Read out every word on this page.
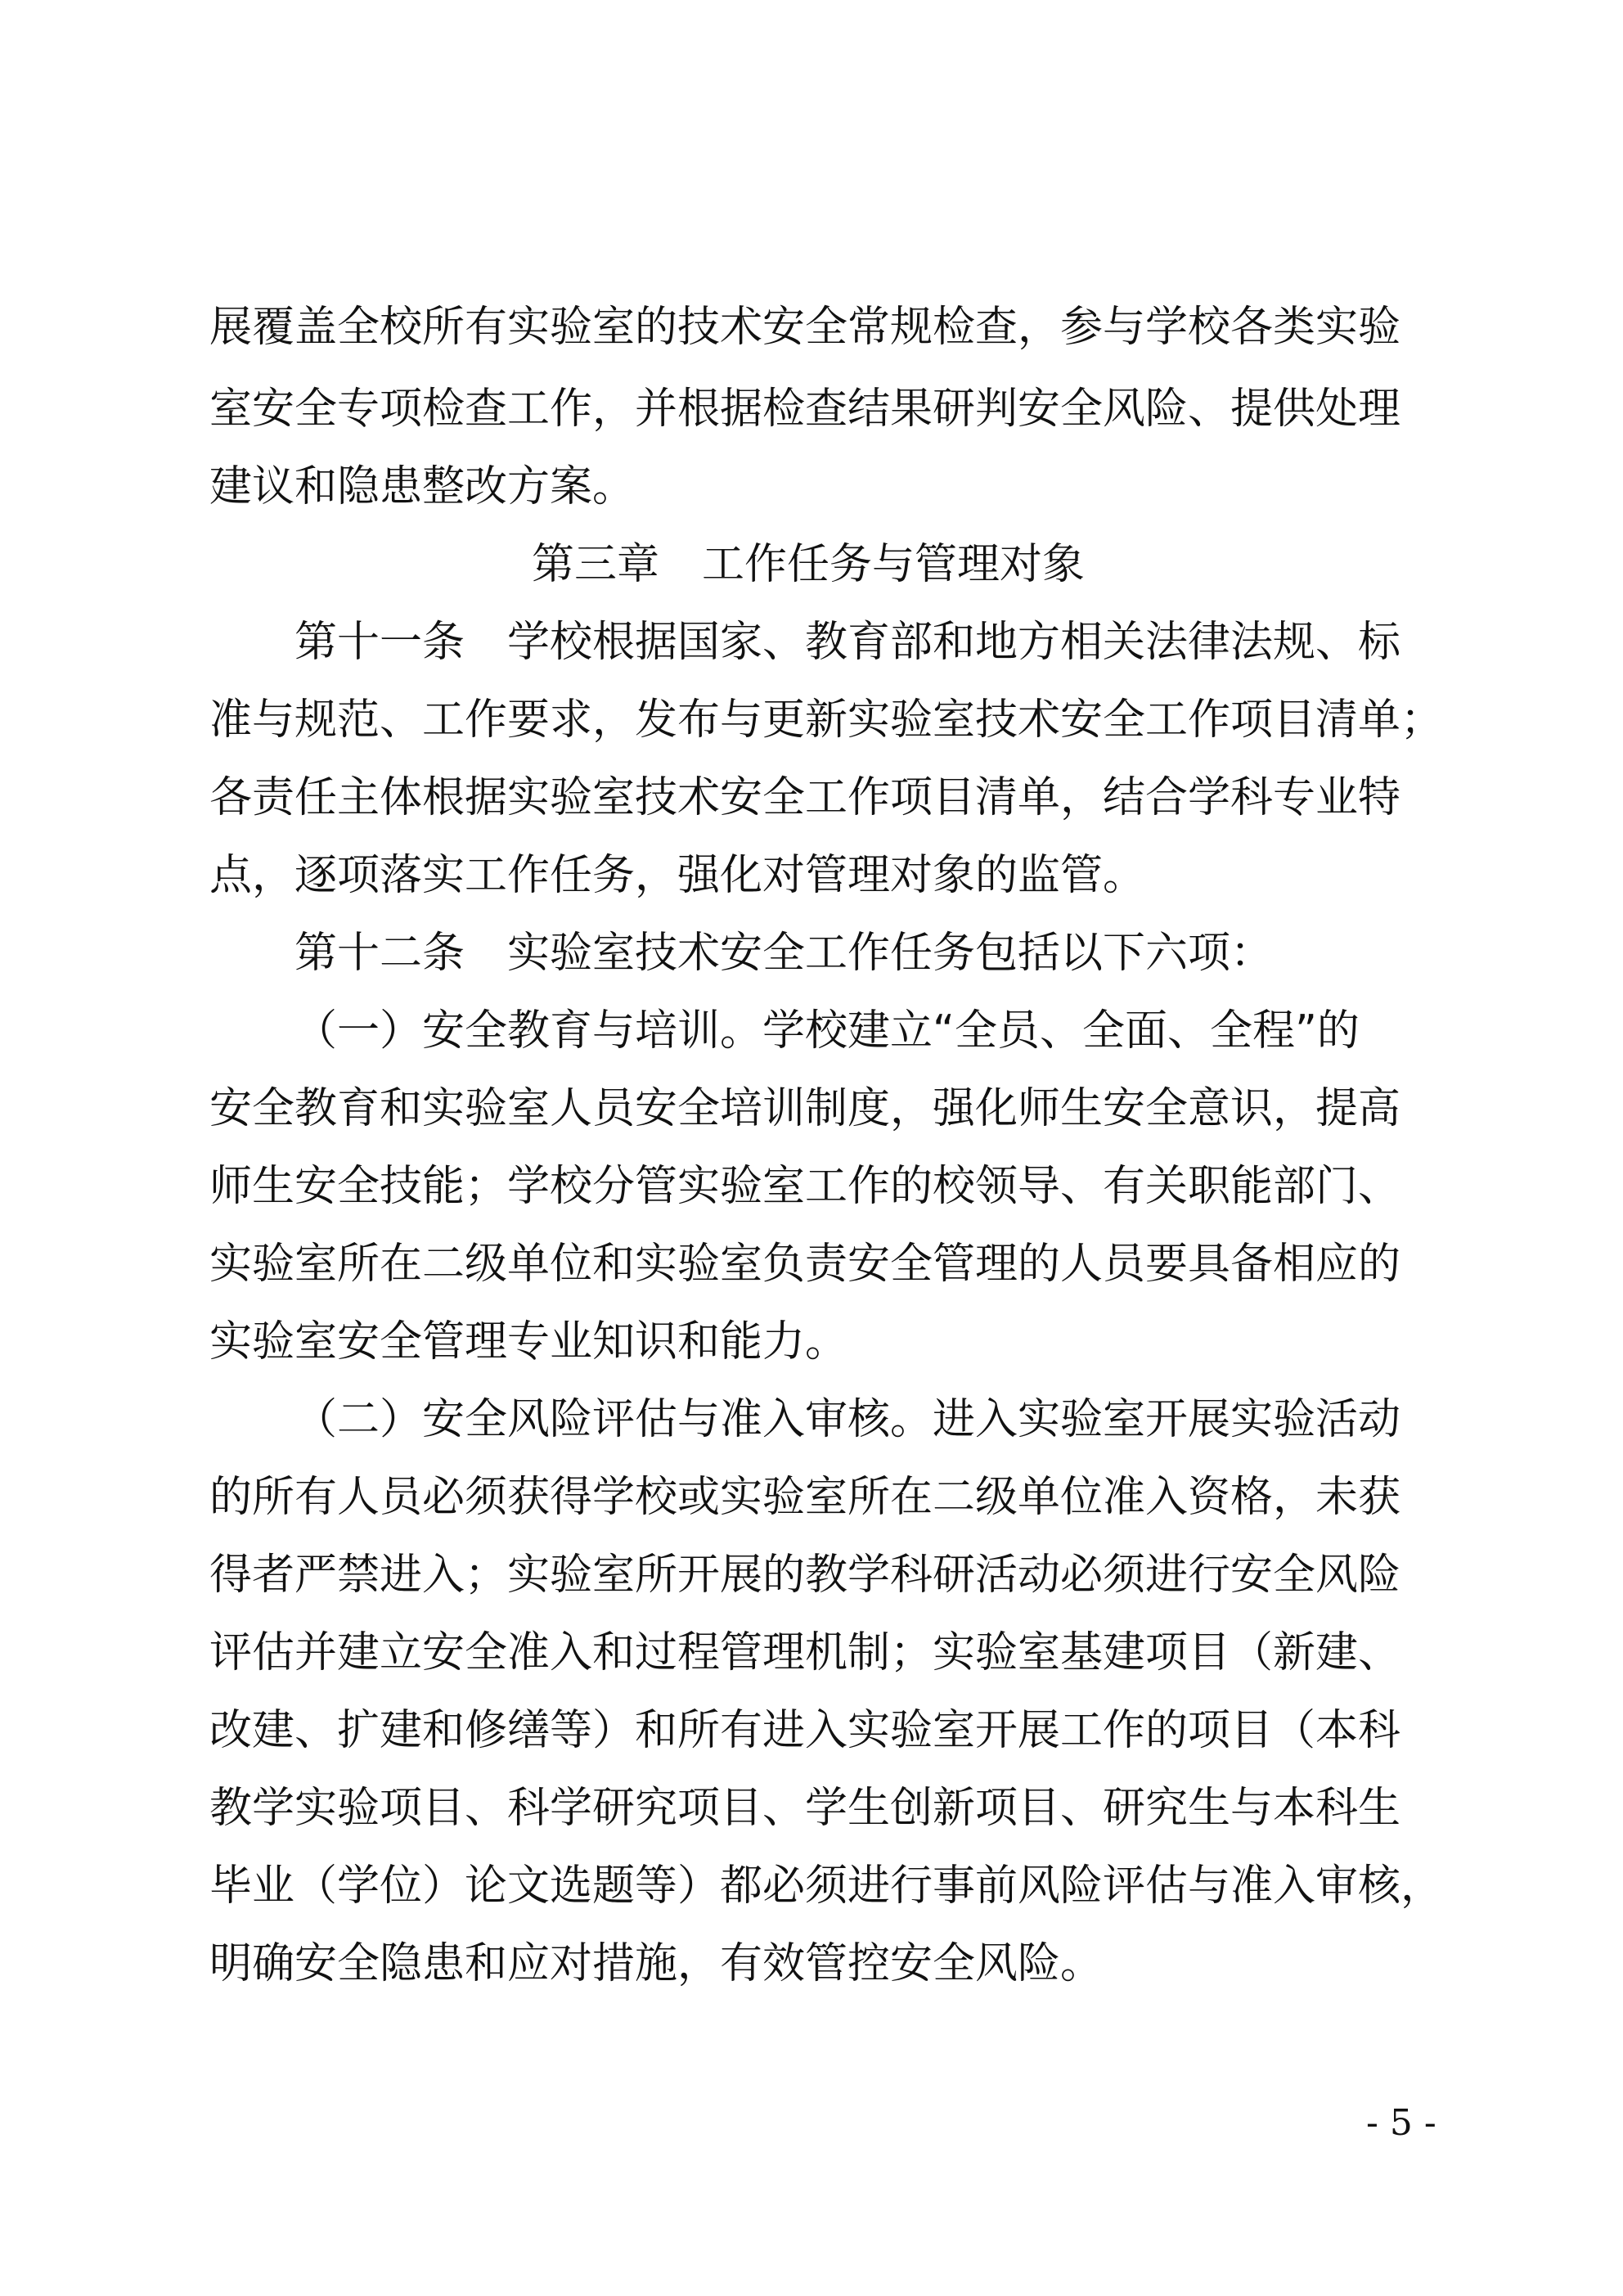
展覆盖全校所有实验室的技术安全常规检查，参与学校各类实验
室安全专项检查工作，并根据检查结果研判安全风险、提供处理
建议和隐患整改方案。
第三章　工作任务与管理对象
第十一条　学校根据国家、教育部和地方相关法律法规、标
准与规范、工作要求，发布与更新实验室技术安全工作项目清单；
各责任主体根据实验室技术安全工作项目清单，结合学科专业特
点，逐项落实工作任务，强化对管理对象的监管。
第十二条　实验室技术安全工作任务包括以下六项：
（一）安全教育与培训。学校建立“全员、全面、全程”的
安全教育和实验室人员安全培训制度，强化师生安全意识，提高
师生安全技能；学校分管实验室工作的校领导、有关职能部门、
实验室所在二级单位和实验室负责安全管理的人员要具备相应的
实验室安全管理专业知识和能力。
（二）安全风险评估与准入审核。进入实验室开展实验活动
的所有人员必须获得学校或实验室所在二级单位准入资格，未获
得者严禁进入；实验室所开展的教学科研活动必须进行安全风险
评估并建立安全准入和过程管理机制；实验室基建项目（新建、
改建、扩建和修缮等）和所有进入实验室开展工作的项目（本科
教学实验项目、科学研究项目、学生创新项目、研究生与本科生
毕业（学位）论文选题等）都必须进行事前风险评估与准入审核，
明确安全隐患和应对措施，有效管控安全风险。
- 5 -
